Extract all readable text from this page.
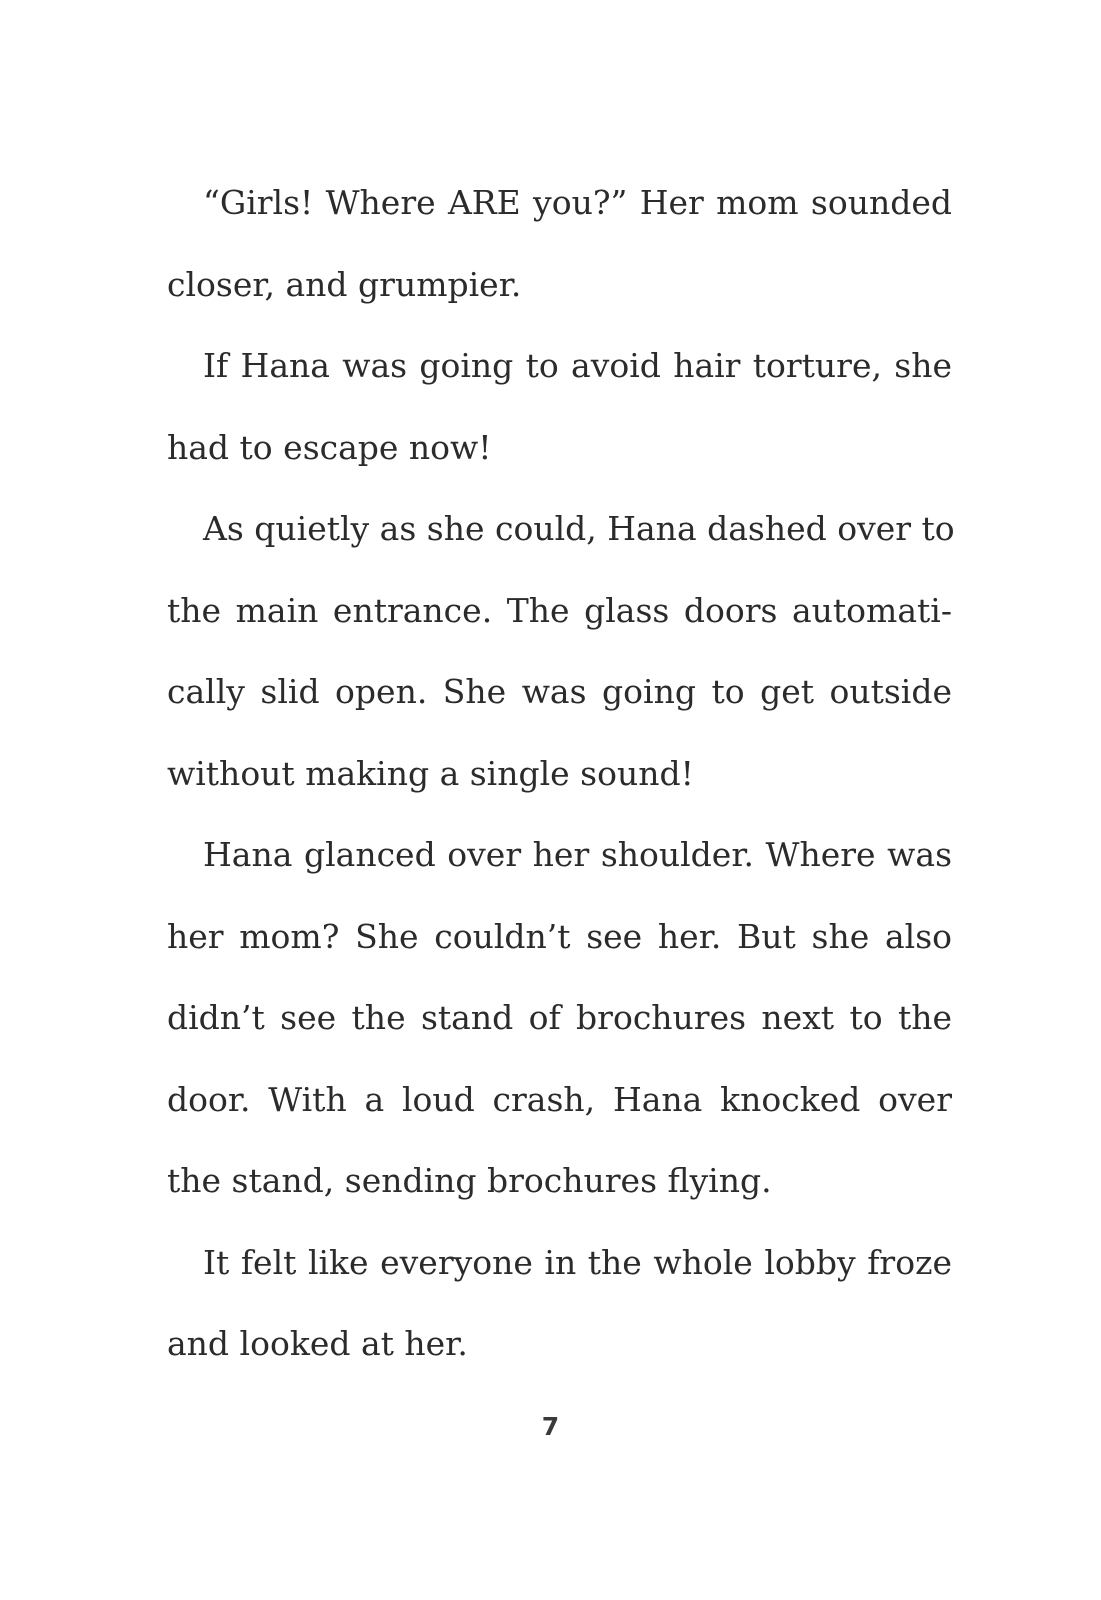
“Girls! Where ARE you?” Her mom sounded
closer, and grumpier.
If Hana was going to avoid hair torture, she
had to escape now!
As quietly as she could, Hana dashed over to
the main entrance. The glass doors automati-
cally slid open. She was going to get outside
without making a single sound!
Hana glanced over her shoulder. Where was
her mom? She couldn’t see her. But she also
didn’t see the stand of brochures next to the
door. With a loud crash, Hana knocked over
the stand, sending brochures flying.
It felt like everyone in the whole lobby froze
and looked at her.
7
